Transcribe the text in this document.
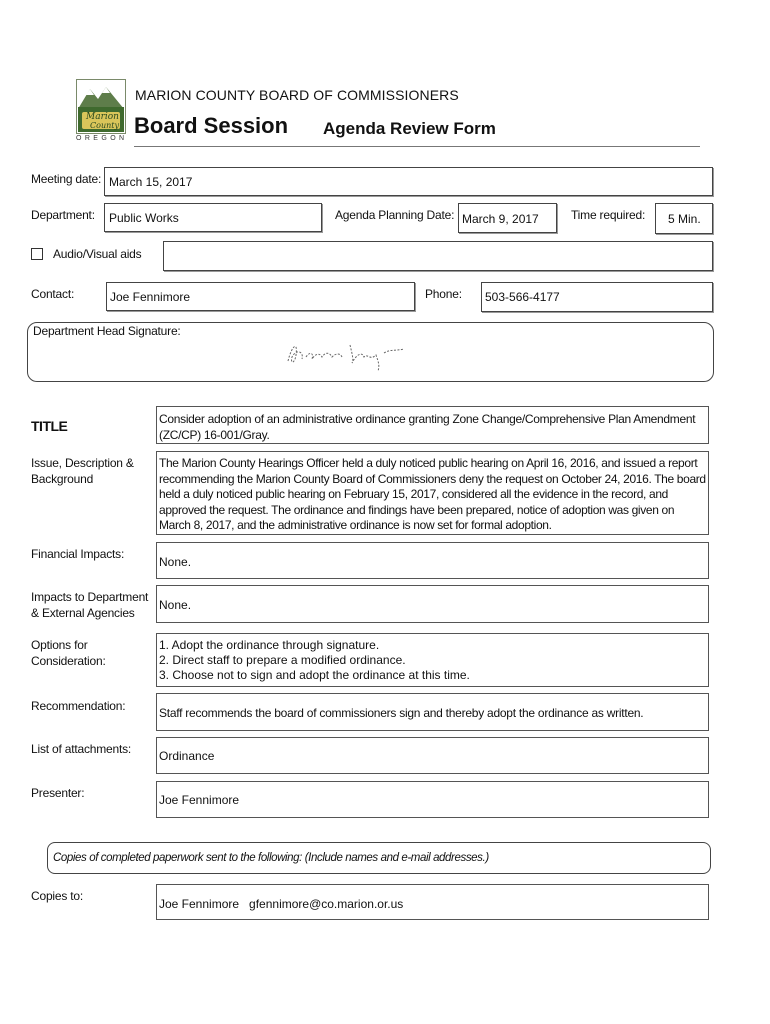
Marion
County
OREGON
MARION COUNTY BOARD OF COMMISSIONERS
Board Session Agenda Review Form
Meeting date: March 15, 2017
Department: Public Works	Agenda Planning Date: March 9, 2017	Time required: 5 Min.
Audio/Visual aids
Contact:	Joe Fennimore	Phone: 503-566-4177
Department Head Signature:
TITLE	Consider adoption of an administrative ordinance granting Zone Change/Comprehensive Plan Amendment (ZC/CP) 16-001/Gray.
Issue, Description & Background
The Marion County Hearings Officer held a duly noticed public hearing on April 16, 2016, and issued a report recommending the Marion County Board of Commissioners deny the request on October 24, 2016. The board held a duly noticed public hearing on February 15, 2017, considered all the evidence in the record, and approved the request. The ordinance and findings have been prepared, notice of adoption was given on March 8, 2017, and the administrative ordinance is now set for formal adoption.
Financial Impacts:
None.
Impacts to Department & External Agencies
None.
Options for Consideration:
1. Adopt the ordinance through signature.
2. Direct staff to prepare a modified ordinance.
3. Choose not to sign and adopt the ordinance at this time.
Recommendation:	Staff recommends the board of commissioners sign and thereby adopt the ordinance as written.
List of attachments: Ordinance
Presenter:	Joe Fennimore
Copies of completed paperwork sent to the following: (Include names and e-mail addresses.)
Copies to:
Joe Fennimore   gfennimore@co.marion.or.us
